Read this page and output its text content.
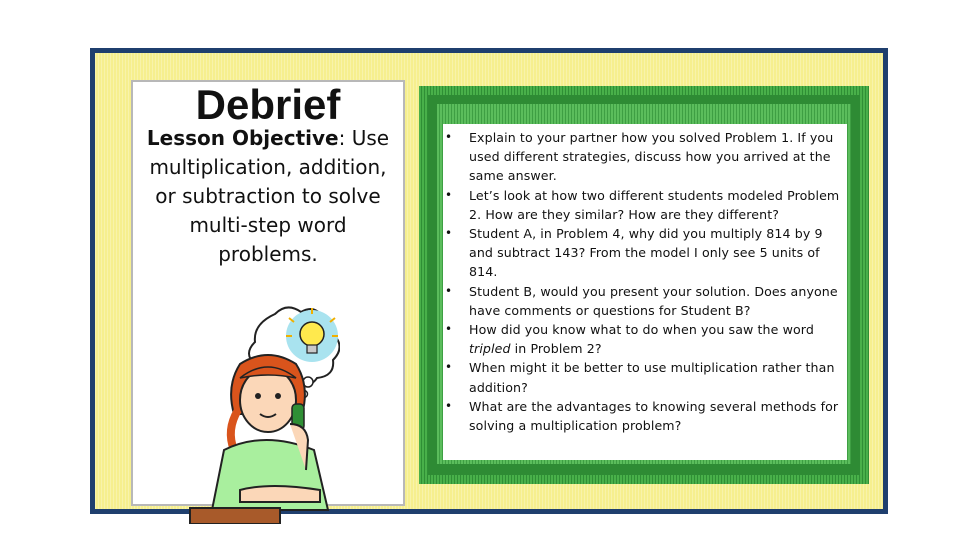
Debrief
Lesson Objective: Use multiplication, addition, or subtraction to solve multi-step word problems.
• Explain to your partner how you solved Problem 1. If you used different strategies, discuss how you arrived at the same answer.
• Let’s look at how two different students modeled Problem 2. How are they similar? How are they different?
• Student A, in Problem 4, why did you multiply 814 by 9 and subtract 143? From the model I only see 5 units of 814.
• Student B, would you present your solution. Does anyone have comments or questions for Student B?
• How did you know what to do when you saw the word tripled in Problem 2?
• When might it be better to use multiplication rather than addition?
• What are the advantages to knowing several methods for solving a multiplication problem?
